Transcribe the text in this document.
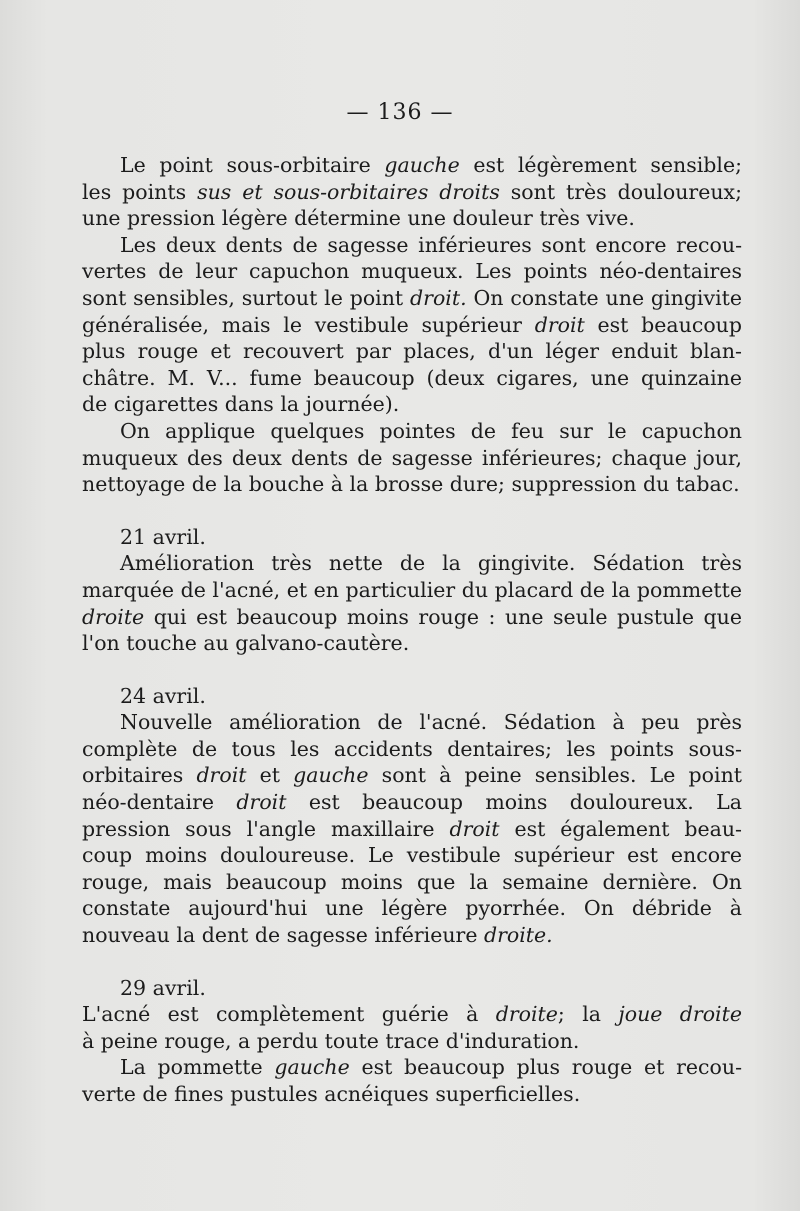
— 136 —
Le point sous-orbitaire gauche est légèrement sensible;
les points sus et sous-orbitaires droits sont très douloureux;
une pression légère détermine une douleur très vive.
Les deux dents de sagesse inférieures sont encore recou-
vertes de leur capuchon muqueux. Les points néo-dentaires
sont sensibles, surtout le point droit. On constate une gingivite
généralisée, mais le vestibule supérieur droit est beaucoup
plus rouge et recouvert par places, d'un léger enduit blan-
châtre. M. V... fume beaucoup (deux cigares, une quinzaine
de cigarettes dans la journée).
On applique quelques pointes de feu sur le capuchon
muqueux des deux dents de sagesse inférieures; chaque jour,
nettoyage de la bouche à la brosse dure; suppression du tabac.
21 avril.
Amélioration très nette de la gingivite. Sédation très
marquée de l'acné, et en particulier du placard de la pommette
droite qui est beaucoup moins rouge : une seule pustule que
l'on touche au galvano-cautère.
24 avril.
Nouvelle amélioration de l'acné. Sédation à peu près
complète de tous les accidents dentaires; les points sous-
orbitaires droit et gauche sont à peine sensibles. Le point
néo-dentaire droit est beaucoup moins douloureux. La
pression sous l'angle maxillaire droit est également beau-
coup moins douloureuse. Le vestibule supérieur est encore
rouge, mais beaucoup moins que la semaine dernière. On
constate aujourd'hui une légère pyorrhée. On débride à
nouveau la dent de sagesse inférieure droite.
29 avril.
L'acné est complètement guérie à droite; la joue droite
à peine rouge, a perdu toute trace d'induration.
La pommette gauche est beaucoup plus rouge et recou-
verte de fines pustules acnéiques superficielles.
